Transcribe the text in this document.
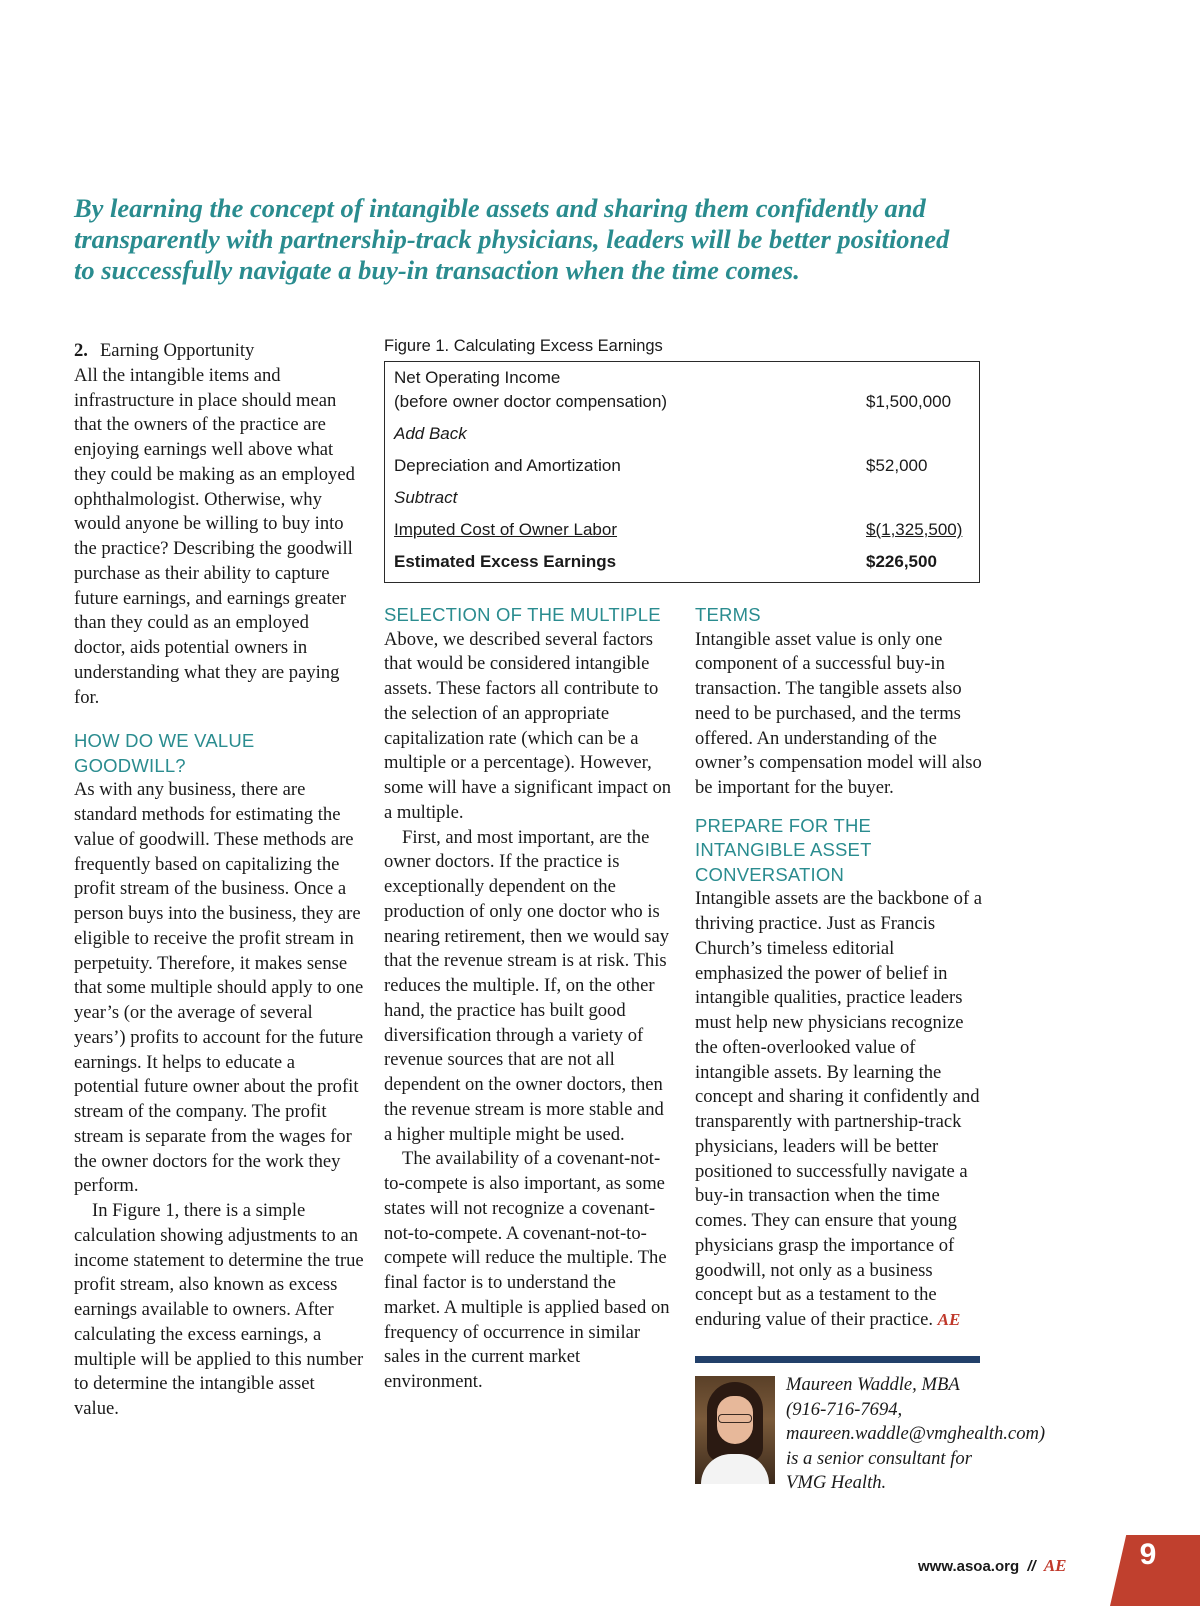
By learning the concept of intangible assets and sharing them confidently and transparently with partnership-track physicians, leaders will be better positioned to successfully navigate a buy-in transaction when the time comes.

2. Earning Opportunity

All the intangible items and infrastructure in place should mean that the owners of the practice are enjoying earnings well above what they could be making as an employed ophthalmologist. Otherwise, why would anyone be willing to buy into the practice? Describing the goodwill purchase as their ability to capture future earnings, and earnings greater than they could as an employed doctor, aids potential owners in understanding what they are paying for.

HOW DO WE VALUE GOODWILL?

As with any business, there are standard methods for estimating the value of goodwill. These methods are frequently based on capitalizing the profit stream of the business. Once a person buys into the business, they are eligible to receive the profit stream in perpetuity. Therefore, it makes sense that some multiple should apply to one year’s (or the average of several years’) profits to account for the future earnings. It helps to educate a potential future owner about the profit stream of the company. The profit stream is separate from the wages for the owner doctors for the work they perform.

In Figure 1, there is a simple calculation showing adjustments to an income statement to determine the true profit stream, also known as excess earnings available to owners. After calculating the excess earnings, a multiple will be applied to this number to determine the intangible asset value.

Figure 1. Calculating Excess Earnings
Net Operating Income
(before owner doctor compensation)	$1,500,000
Add Back
Depreciation and Amortization	$52,000
Subtract
Imputed Cost of Owner Labor	$(1,325,500)
Estimated Excess Earnings	$226,500
SELECTION OF THE MULTIPLE

Above, we described several factors that would be considered intangible assets. These factors all contribute to the selection of an appropriate capitalization rate (which can be a multiple or a percentage). However, some will have a significant impact on a multiple.

First, and most important, are the owner doctors. If the practice is exceptionally dependent on the production of only one doctor who is nearing retirement, then we would say that the revenue stream is at risk. This reduces the multiple. If, on the other hand, the practice has built good diversification through a variety of revenue sources that are not all dependent on the owner doctors, then the revenue stream is more stable and a higher multiple might be used.

The availability of a covenant-not-to-compete is also important, as some states will not recognize a covenant-not-to-compete. A covenant-not-to-compete will reduce the multiple. The final factor is to understand the market. A multiple is applied based on frequency of occurrence in similar sales in the current market environment.

TERMS

Intangible asset value is only one component of a successful buy-in transaction. The tangible assets also need to be purchased, and the terms offered. An understanding of the owner’s compensation model will also be important for the buyer.

PREPARE FOR THE INTANGIBLE ASSET CONVERSATION

Intangible assets are the backbone of a thriving practice. Just as Francis Church’s timeless editorial emphasized the power of belief in intangible qualities, practice leaders must help new physicians recognize the often-overlooked value of intangible assets. By learning the concept and sharing it confidently and transparently with partnership-track physicians, leaders will be better positioned to successfully navigate a buy-in transaction when the time comes. They can ensure that young physicians grasp the importance of goodwill, not only as a business concept but as a testament to the enduring value of their practice. AE

Maureen Waddle, MBA (916-716-7694, maureen.waddle@vmghealth.com) is a senior consultant for VMG Health.
www.asoa.org // AE	9
